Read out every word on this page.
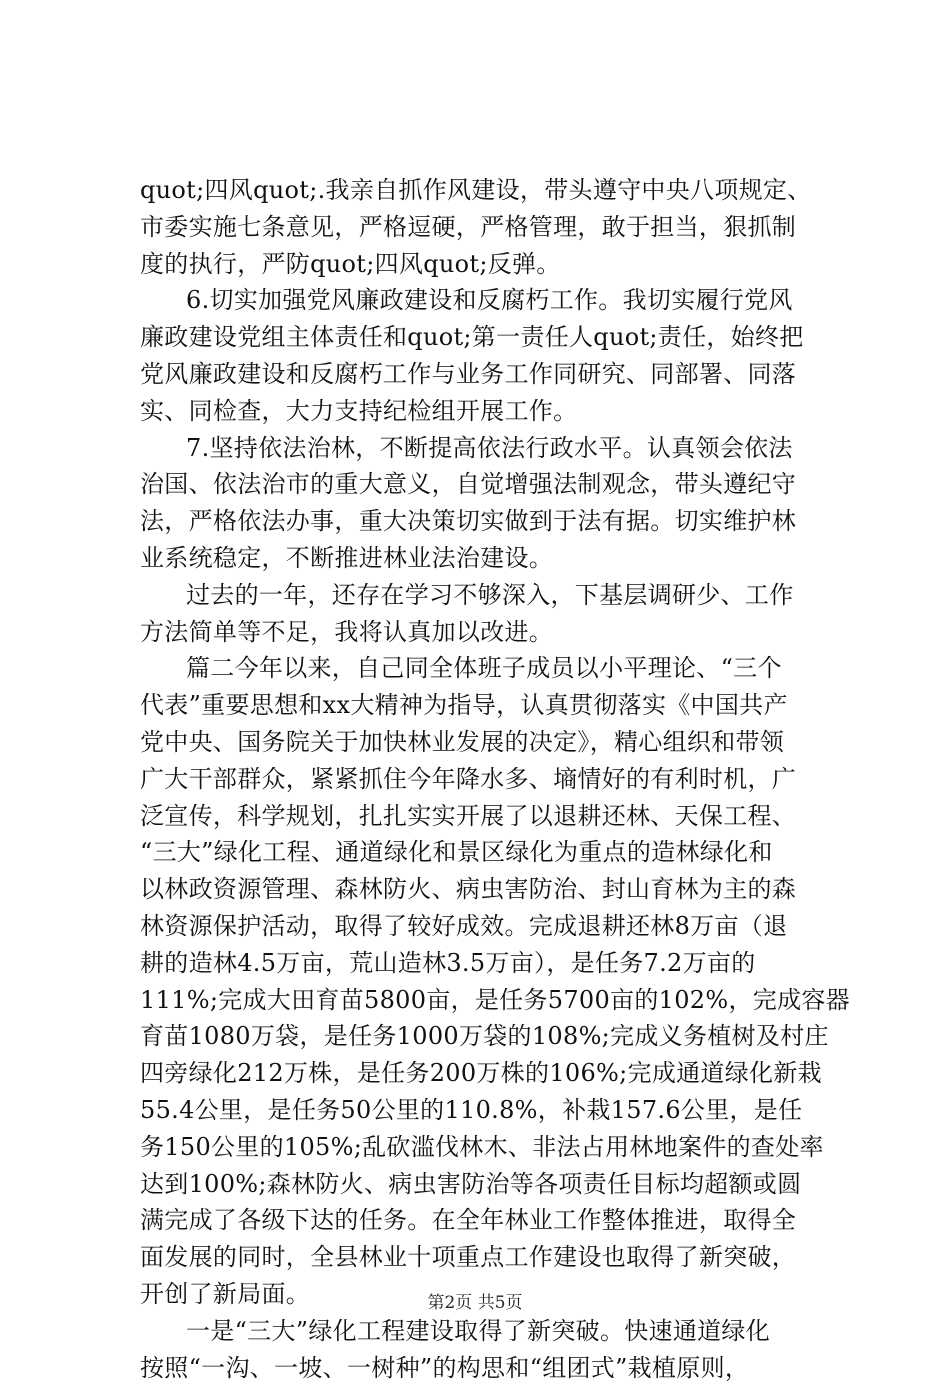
quot;四风quot;.我亲自抓作风建设，带头遵守中央八项规定、
市委实施七条意见，严格逗硬，严格管理，敢于担当，狠抓制
度的执行，严防quot;四风quot;反弹。
6.切实加强党风廉政建设和反腐朽工作。我切实履行党风
廉政建设党组主体责任和quot;第一责任人quot;责任，始终把
党风廉政建设和反腐朽工作与业务工作同研究、同部署、同落
实、同检查，大力支持纪检组开展工作。
7.坚持依法治林，不断提高依法行政水平。认真领会依法
治国、依法治市的重大意义，自觉增强法制观念，带头遵纪守
法，严格依法办事，重大决策切实做到于法有据。切实维护林
业系统稳定，不断推进林业法治建设。
过去的一年，还存在学习不够深入，下基层调研少、工作
方法简单等不足，我将认真加以改进。
篇二今年以来，自己同全体班子成员以小平理论、“三个
代表”重要思想和xx大精神为指导，认真贯彻落实《中国共产
党中央、国务院关于加快林业发展的决定》，精心组织和带领
广大干部群众，紧紧抓住今年降水多、墒情好的有利时机，广
泛宣传，科学规划，扎扎实实开展了以退耕还林、天保工程、
“三大”绿化工程、通道绿化和景区绿化为重点的造林绿化和
以林政资源管理、森林防火、病虫害防治、封山育林为主的森
林资源保护活动，取得了较好成效。完成退耕还林8万亩（退
耕的造林4.5万亩，荒山造林3.5万亩），是任务7.2万亩的
111%;完成大田育苗5800亩，是任务5700亩的102%，完成容器
育苗1080万袋，是任务1000万袋的108%;完成义务植树及村庄
四旁绿化212万株，是任务200万株的106%;完成通道绿化新栽
55.4公里，是任务50公里的110.8%，补栽157.6公里，是任
务150公里的105%;乱砍滥伐林木、非法占用林地案件的查处率
达到100%;森林防火、病虫害防治等各项责任目标均超额或圆
满完成了各级下达的任务。在全年林业工作整体推进，取得全
面发展的同时，全县林业十项重点工作建设也取得了新突破，
开创了新局面。
一是“三大”绿化工程建设取得了新突破。快速通道绿化
按照“一沟、一坡、一树种”的构思和“组团式”栽植原则，
第2页 共5页
